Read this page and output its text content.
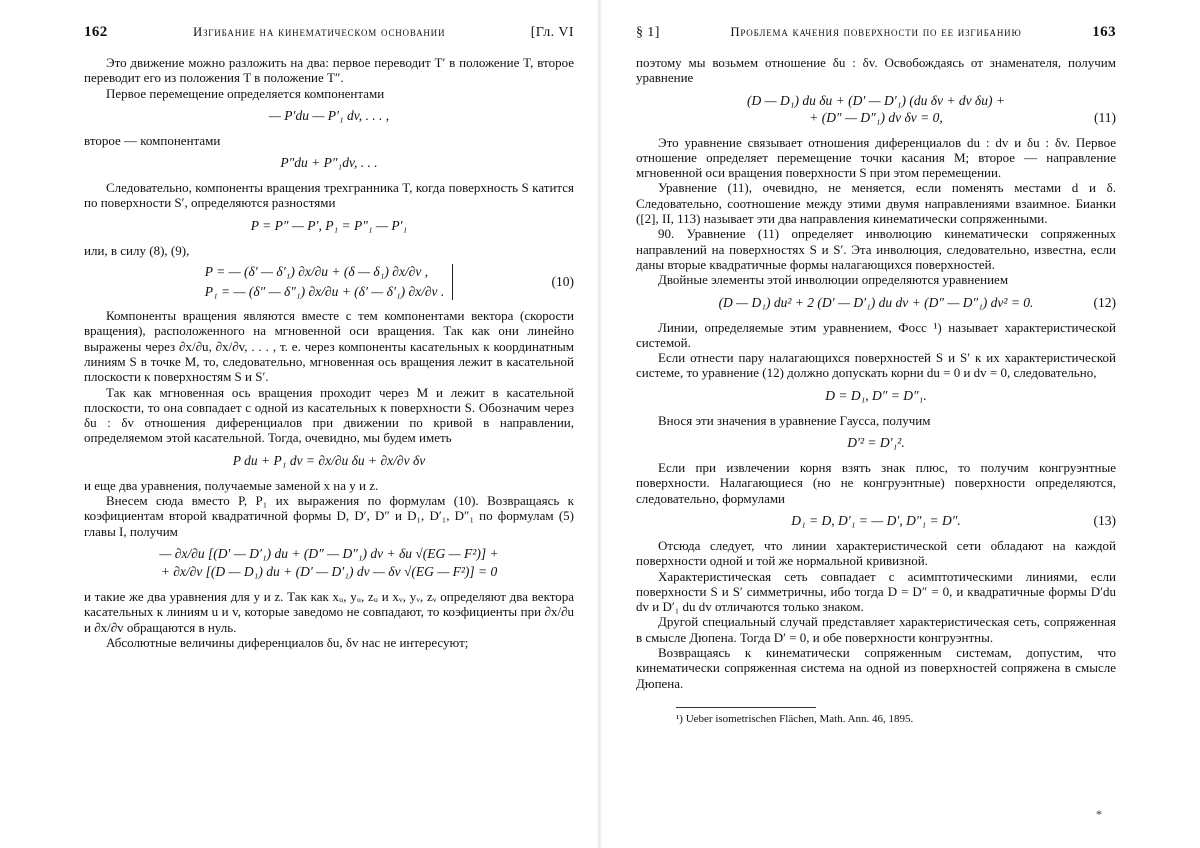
162	Изгибание на кинематическом основании	[Гл. VI

Это движение можно разложить на два: первое переводит T′ в положение T, второе переводит его из положения T в положение T″.

Первое перемещение определяется компонентами

— P′du — P′₁ dv, . . . ,

второе — компонентами

P″du + P″₁dv, . . .

Следовательно, компоненты вращения трехгранника T, когда поверхность S катится по поверхности S′, определяются разностями

P = P″ — P′, P₁ = P″₁ — P′₁

или, в силу (8), (9),

P = — (δ′ — δ′₁) ∂x/∂u + (δ — δ₁) ∂x/∂v ,
P₁ = — (δ″ — δ″₁) ∂x/∂u + (δ′ — δ′₁) ∂x/∂v .
(10)

Компоненты вращения являются вместе с тем компонентами вектора (скорости вращения), расположенного на мгновенной оси вращения. Так как они линейно выражены через ∂x/∂u, ∂x/∂v, . . . , т. е. через компоненты касательных к координатным линиям S в точке M, то, следовательно, мгновенная ось вращения лежит в касательной плоскости к поверхностям S и S′.

Так как мгновенная ось вращения проходит через M и лежит в касательной плоскости, то она совпадает с одной из касательных к поверхности S. Обозначим через δu : δv отношения диференциалов при движении по кривой в направлении, определяемом этой касательной. Тогда, очевидно, мы будем иметь

P du + P₁ dv = ∂x/∂u δu + ∂x/∂v δv

и еще два уравнения, получаемые заменой x на y и z.

Внесем сюда вместо P, P₁ их выражения по формулам (10). Возвращаясь к коэфициентам второй квадратичной формы D, D′, D″ и D₁, D′₁, D″₁ по формулам (5) главы I, получим

— ∂x/∂u [(D′ — D′₁) du + (D″ — D″₁) dv + δu √(EG — F²)] +
+ ∂x/∂v [(D — D₁) du + (D′ — D′₁) dv — δv √(EG — F²)] = 0

и такие же два уравнения для y и z. Так как xᵤ, yᵤ, zᵤ и xᵥ, yᵥ, zᵥ определяют два вектора касательных к линиям u и v, которые заведомо не совпадают, то коэфициенты при ∂x/∂u и ∂x/∂v обращаются в нуль.

Абсолютные величины диференциалов δu, δv нас не интересуют;

§ 1]	Проблема качения поверхности по ее изгибанию	163

поэтому мы возьмем отношение δu : δv. Освобождаясь от знаменателя, получим уравнение

(D — D₁) du δu + (D′ — D′₁) (du δv + dv δu) +
+ (D″ — D″₁) dv δv = 0,	(11)

Это уравнение связывает отношения диференциалов du : dv и δu : δv. Первое отношение определяет перемещение точки касания M; второе — направление мгновенной оси вращения поверхности S при этом перемещении.

Уравнение (11), очевидно, не меняется, если поменять местами d и δ. Следовательно, соотношение между этими двумя направлениями взаимное. Бианки ([2], II, 113) называет эти два направления кинематически сопряженными.

90. Уравнение (11) определяет инволюцию кинематически сопряженных направлений на поверхностях S и S′. Эта инволюция, следовательно, известна, если даны вторые квадратичные формы налагающихся поверхностей.

Двойные элементы этой инволюции определяются уравнением

(D — D₁) du² + 2 (D′ — D′₁) du dv + (D″ — D″₁) dv² = 0.	(12)

Линии, определяемые этим уравнением, Фосс ¹) называет характеристической системой.

Если отнести пару налагающихся поверхностей S и S′ к их характеристической системе, то уравнение (12) должно допускать корни du = 0 и dv = 0, следовательно,

D = D₁, D″ = D″₁.

Внося эти значения в уравнение Гаусса, получим

D′² = D′₁².

Если при извлечении корня взять знак плюс, то получим конгруэнтные поверхности. Налагающиеся (но не конгруэнтные) поверхности определяются, следовательно, формулами

D₁ = D, D′₁ = — D′, D″₁ = D″.	(13)

Отсюда следует, что линии характеристической сети обладают на каждой поверхности одной и той же нормальной кривизной.

Характеристическая сеть совпадает с асимптотическими линиями, если поверхности S и S′ симметричны, ибо тогда D = D″ = 0, и квадратичные формы D′du dv и D′₁ du dv отличаются только знаком.

Другой специальный случай представляет характеристическая сеть, сопряженная в смысле Дюпена. Тогда D′ = 0, и обе поверхности конгруэнтны.

Возвращаясь к кинематически сопряженным системам, допустим, что кинематически сопряженная система на одной из поверхностей сопряжена в смысле Дюпена.

¹) Ueber isometrischen Flächen, Math. Ann. 46, 1895.
*
